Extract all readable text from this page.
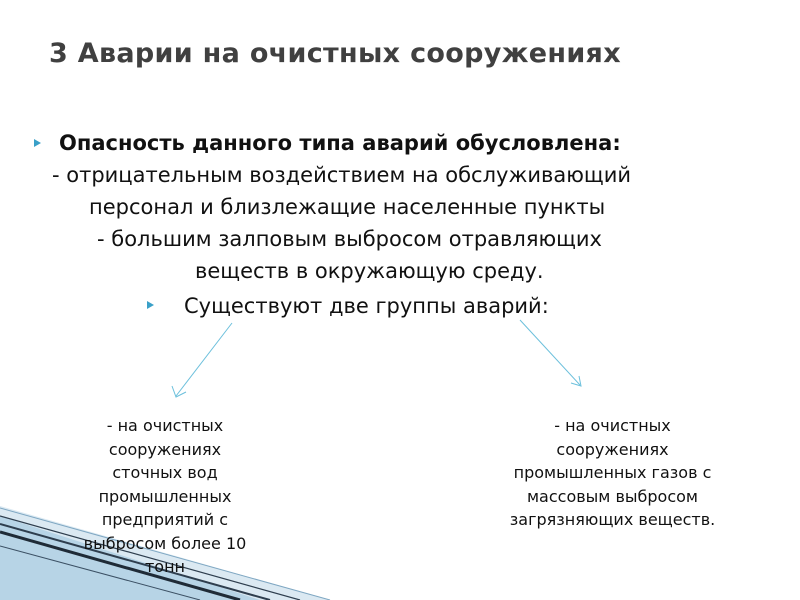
3 Аварии на очистных сооружениях
Опасность данного типа аварий обусловлена:
- отрицательным воздействием на обслуживающий
персонал и близлежащие населенные пункты
- большим залповым выбросом отравляющих
веществ в окружающую среду.
Существуют две группы аварий:
- на очистных
сооружениях
сточных вод
промышленных
предприятий с
выбросом более 10
тонн
- на очистных
сооружениях
промышленных газов с
массовым выбросом
загрязняющих веществ.
